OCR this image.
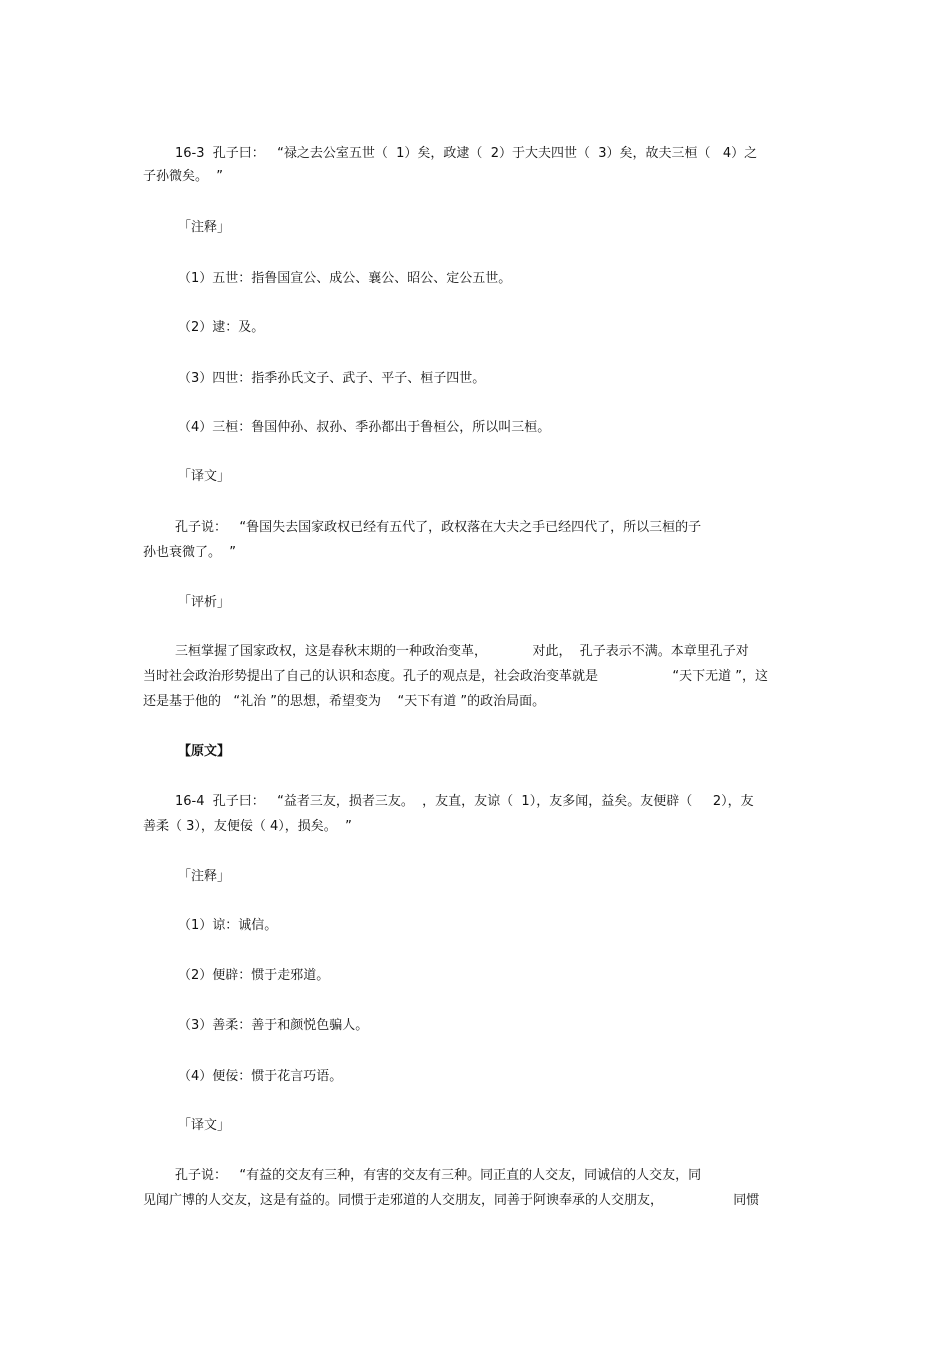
16-3  孔子曰：   “禄之去公室五世（  1）矣，政逮（  2）于大夫四世（  3）矣，故夫三桓（   4）之
子孙微矣。  ”
「注释」
（1）五世：指鲁国宣公、成公、襄公、昭公、定公五世。
（2）逮：及。
（3）四世：指季孙氏文子、武子、平子、桓子四世。
（4）三桓：鲁国仲孙、叔孙、季孙都出于鲁桓公，所以叫三桓。
「译文」
孔子说：   “鲁国失去国家政权已经有五代了，政权落在大夫之手已经四代了，所以三桓的子
孙也衰微了。  ”
「评析」
三桓掌握了国家政权，这是春秋末期的一种政治变革，           对此，  孔子表示不满。本章里孔子对
当时社会政治形势提出了自己的认识和态度。孔子的观点是，社会政治变革就是                  “天下无道 ”，这
还是基于他的   “礼治 ”的思想，希望变为    “天下有道 ”的政治局面。
【原文】
16-4  孔子曰：   “益者三友，损者三友。  ，友直，友谅（  1），友多闻，益矣。友便辟（     2），友
善柔（ 3），友便佞（ 4），损矣。  ”
「注释」
（1）谅：诚信。
（2）便辟：惯于走邪道。
（3）善柔：善于和颜悦色骗人。
（4）便佞：惯于花言巧语。
「译文」
孔子说：   “有益的交友有三种，有害的交友有三种。同正直的人交友，同诚信的人交友，同
见闻广博的人交友，这是有益的。同惯于走邪道的人交朋友，同善于阿谀奉承的人交朋友，                 同惯
